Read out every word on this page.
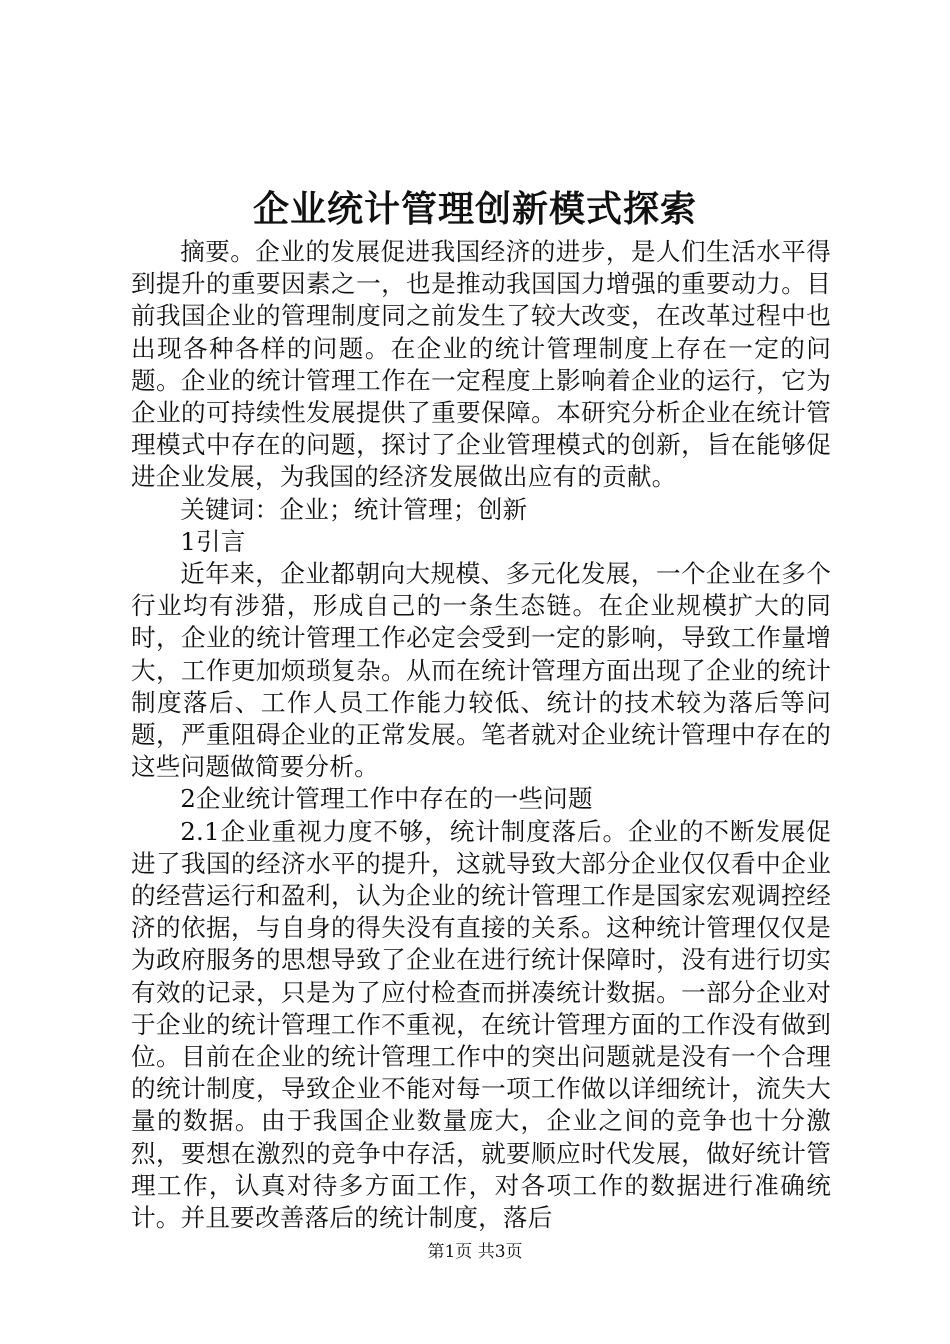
企业统计管理创新模式探索

摘要。企业的发展促进我国经济的进步，是人们生活水平得到提升的重要因素之一，也是推动我国国力增强的重要动力。目前我国企业的管理制度同之前发生了较大改变，在改革过程中也出现各种各样的问题。在企业的统计管理制度上存在一定的问题。企业的统计管理工作在一定程度上影响着企业的运行，它为企业的可持续性发展提供了重要保障。本研究分析企业在统计管理模式中存在的问题，探讨了企业管理模式的创新，旨在能够促进企业发展，为我国的经济发展做出应有的贡献。

关键词：企业；统计管理；创新

1引言

近年来，企业都朝向大规模、多元化发展，一个企业在多个行业均有涉猎，形成自己的一条生态链。在企业规模扩大的同时，企业的统计管理工作必定会受到一定的影响，导致工作量增大，工作更加烦琐复杂。从而在统计管理方面出现了企业的统计制度落后、工作人员工作能力较低、统计的技术较为落后等问题，严重阻碍企业的正常发展。笔者就对企业统计管理中存在的这些问题做简要分析。

2企业统计管理工作中存在的一些问题

2.1企业重视力度不够，统计制度落后。企业的不断发展促进了我国的经济水平的提升，这就导致大部分企业仅仅看中企业的经营运行和盈利，认为企业的统计管理工作是国家宏观调控经济的依据，与自身的得失没有直接的关系。这种统计管理仅仅是为政府服务的思想导致了企业在进行统计保障时，没有进行切实有效的记录，只是为了应付检查而拼凑统计数据。一部分企业对于企业的统计管理工作不重视，在统计管理方面的工作没有做到位。目前在企业的统计管理工作中的突出问题就是没有一个合理的统计制度，导致企业不能对每一项工作做以详细统计，流失大量的数据。由于我国企业数量庞大，企业之间的竞争也十分激烈，要想在激烈的竞争中存活，就要顺应时代发展，做好统计管理工作，认真对待多方面工作，对各项工作的数据进行准确统计。并且要改善落后的统计制度，落后

第1页 共3页
